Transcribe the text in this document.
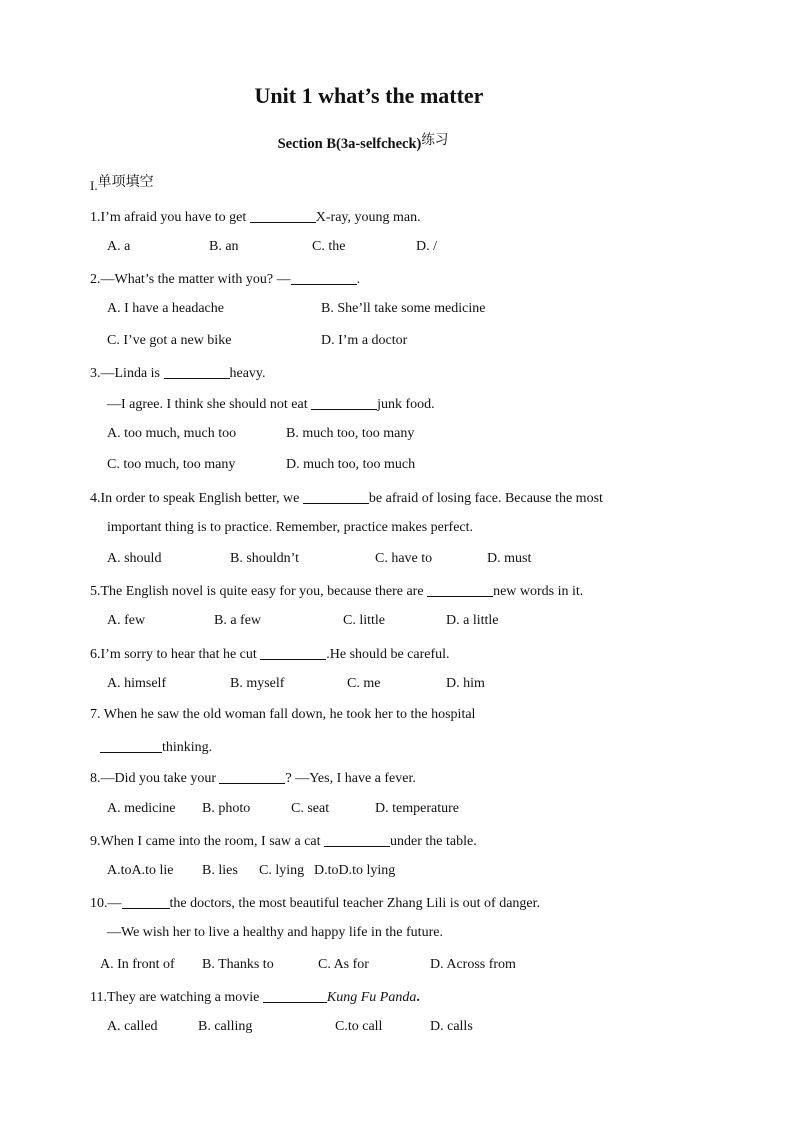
Unit 1 what’s the matter
Section B(3a-selfcheck)练习
I.单项填空
1.I’m afraid you have to get	X-ray, young man.
A. a	B. an	C. the	D. /
2.—What’s the matter with you? —	.
A. I have a headache	B. She’ll take some medicine
C. I’ve got a new bike	D. I’m a doctor
3.—Linda is	heavy.
—I agree. I think she should not eat	junk food.
A. too much, much too	B. much too, too many
C. too much, too many	D. much too, too much
4.In order to speak English better, we	be afraid of losing face. Because the most
important thing is to practice. Remember, practice makes perfect.
A. should	B. shouldn’t	C. have to	D. must
5.The English novel is quite easy for you, because there are	new words in it.
A. few	B. a few	C. little	D. a little
6.I’m sorry to hear that he cut	.He should be careful.
A. himself	B. myself	C. me	D. him
7. When he saw the old woman fall down, he took her to the hospital
thinking.
8.—Did you take your	? —Yes, I have a fever.
A. medicine B. photo	C. seat	D. temperature
9.When I came into the room, I saw a cat	under the table.
A.toA.to lie B. lies C. lying D.toD.to lying
10.—	the doctors, the most beautiful teacher Zhang Lili is out of danger.
—We wish her to live a healthy and happy life in the future.
A. In front of B. Thanks to	C. As for	D. Across from
11.They are watching a movie	Kung Fu Panda.
A. called	B. calling	C.to call	D. calls
